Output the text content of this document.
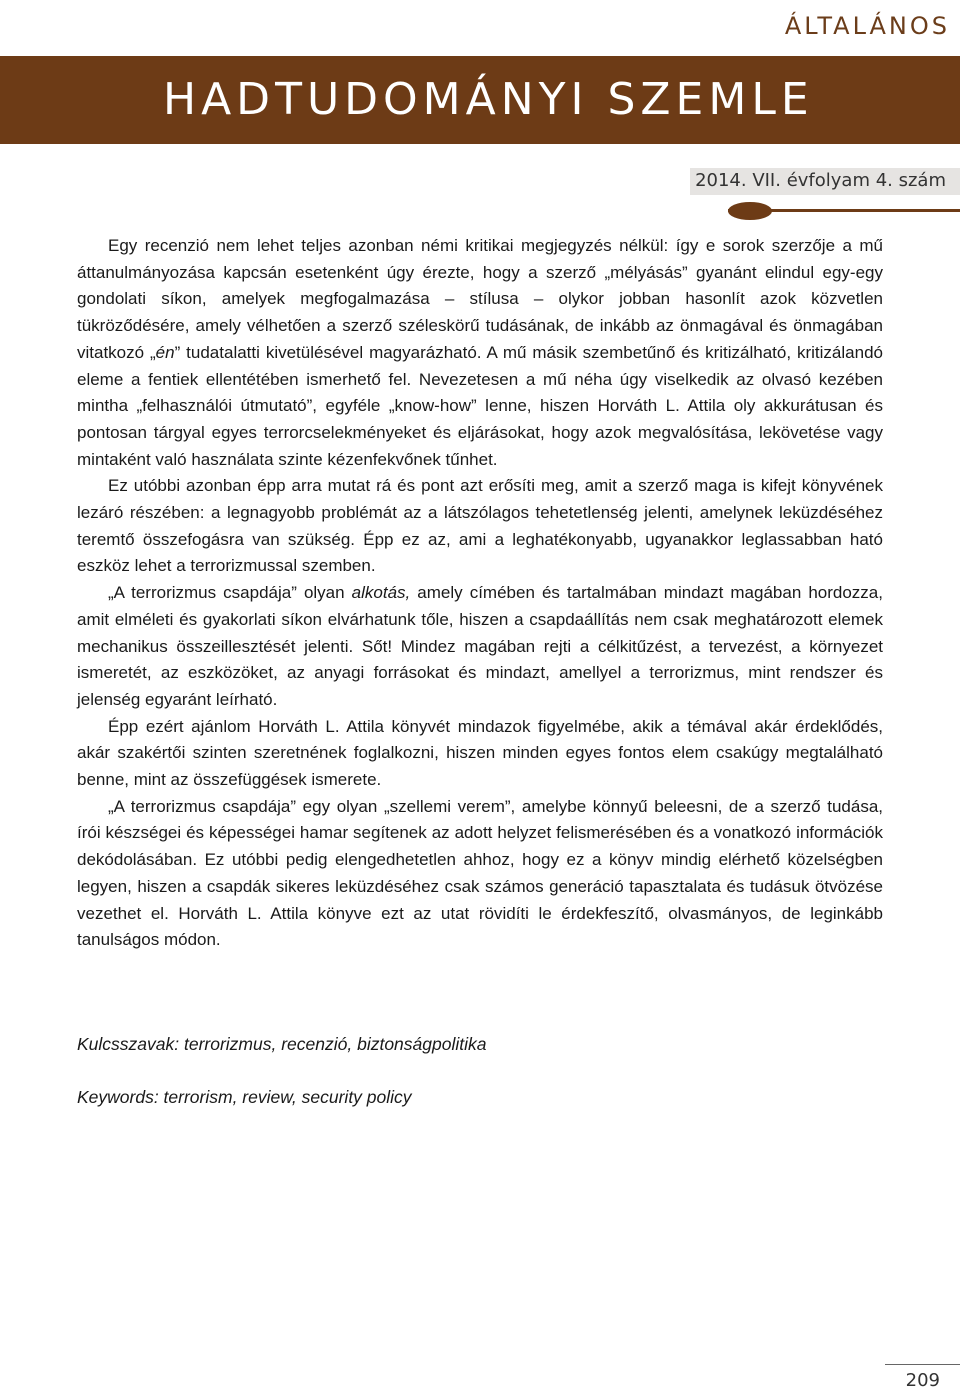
ÁLTALÁNOS
HADTUDOMÁNYI SZEMLE
2014. VII. évfolyam 4. szám

Egy recenzió nem lehet teljes azonban némi kritikai megjegyzés nélkül: így e sorok szerzője a mű áttanulmányozása kapcsán esetenként úgy érezte, hogy a szerző „mélyásás” gyanánt elindul egy-egy gondolati síkon, amelyek megfogalmazása – stílusa – olykor jobban hasonlít azok közvetlen tükröződésére, amely vélhetően a szerző széleskörű tudásának, de inkább az önmagával és önmagában vitatkozó „én” tudatalatti kivetülésével magyarázható. A mű másik szembetűnő és kritizálható, kritizálandó eleme a fentiek ellentétében ismerhető fel. Nevezetesen a mű néha úgy viselkedik az olvasó kezében mintha „felhasználói útmutató”, egyféle „know-how” lenne, hiszen Horváth L. Attila oly akkurátusan és pontosan tárgyal egyes terrorcselekményeket és eljárásokat, hogy azok megvalósítása, lekövetése vagy mintaként való használata szinte kézenfekvőnek tűnhet.

Ez utóbbi azonban épp arra mutat rá és pont azt erősíti meg, amit a szerző maga is kifejt könyvének lezáró részében: a legnagyobb problémát az a látszólagos tehetetlenség jelenti, amelynek leküzdéséhez teremtő összefogásra van szükség. Épp ez az, ami a leghatékonyabb, ugyanakkor leglassabban ható eszköz lehet a terrorizmussal szemben.

„A terrorizmus csapdája” olyan alkotás, amely címében és tartalmában mindazt magában hordozza, amit elméleti és gyakorlati síkon elvárhatunk tőle, hiszen a csapdaállítás nem csak meghatározott elemek mechanikus összeillesztését jelenti. Sőt! Mindez magában rejti a célkitűzést, a tervezést, a környezet ismeretét, az eszközöket, az anyagi forrásokat és mindazt, amellyel a terrorizmus, mint rendszer és jelenség egyaránt leírható.

Épp ezért ajánlom Horváth L. Attila könyvét mindazok figyelmébe, akik a témával akár érdeklődés, akár szakértői szinten szeretnének foglalkozni, hiszen minden egyes fontos elem csakúgy megtalálható benne, mint az összefüggések ismerete.

„A terrorizmus csapdája” egy olyan „szellemi verem”, amelybe könnyű beleesni, de a szerző tudása, írói készségei és képességei hamar segítenek az adott helyzet felismerésében és a vonatkozó információk dekódolásában. Ez utóbbi pedig elengedhetetlen ahhoz, hogy ez a könyv mindig elérhető közelségben legyen, hiszen a csapdák sikeres leküzdéséhez csak számos generáció tapasztalata és tudásuk ötvözése vezethet el. Horváth L. Attila könyve ezt az utat rövidíti le érdekfeszítő, olvasmányos, de leginkább tanulságos módon.

Kulcsszavak: terrorizmus, recenzió, biztonságpolitika

Keywords: terrorism, review, security policy

209
